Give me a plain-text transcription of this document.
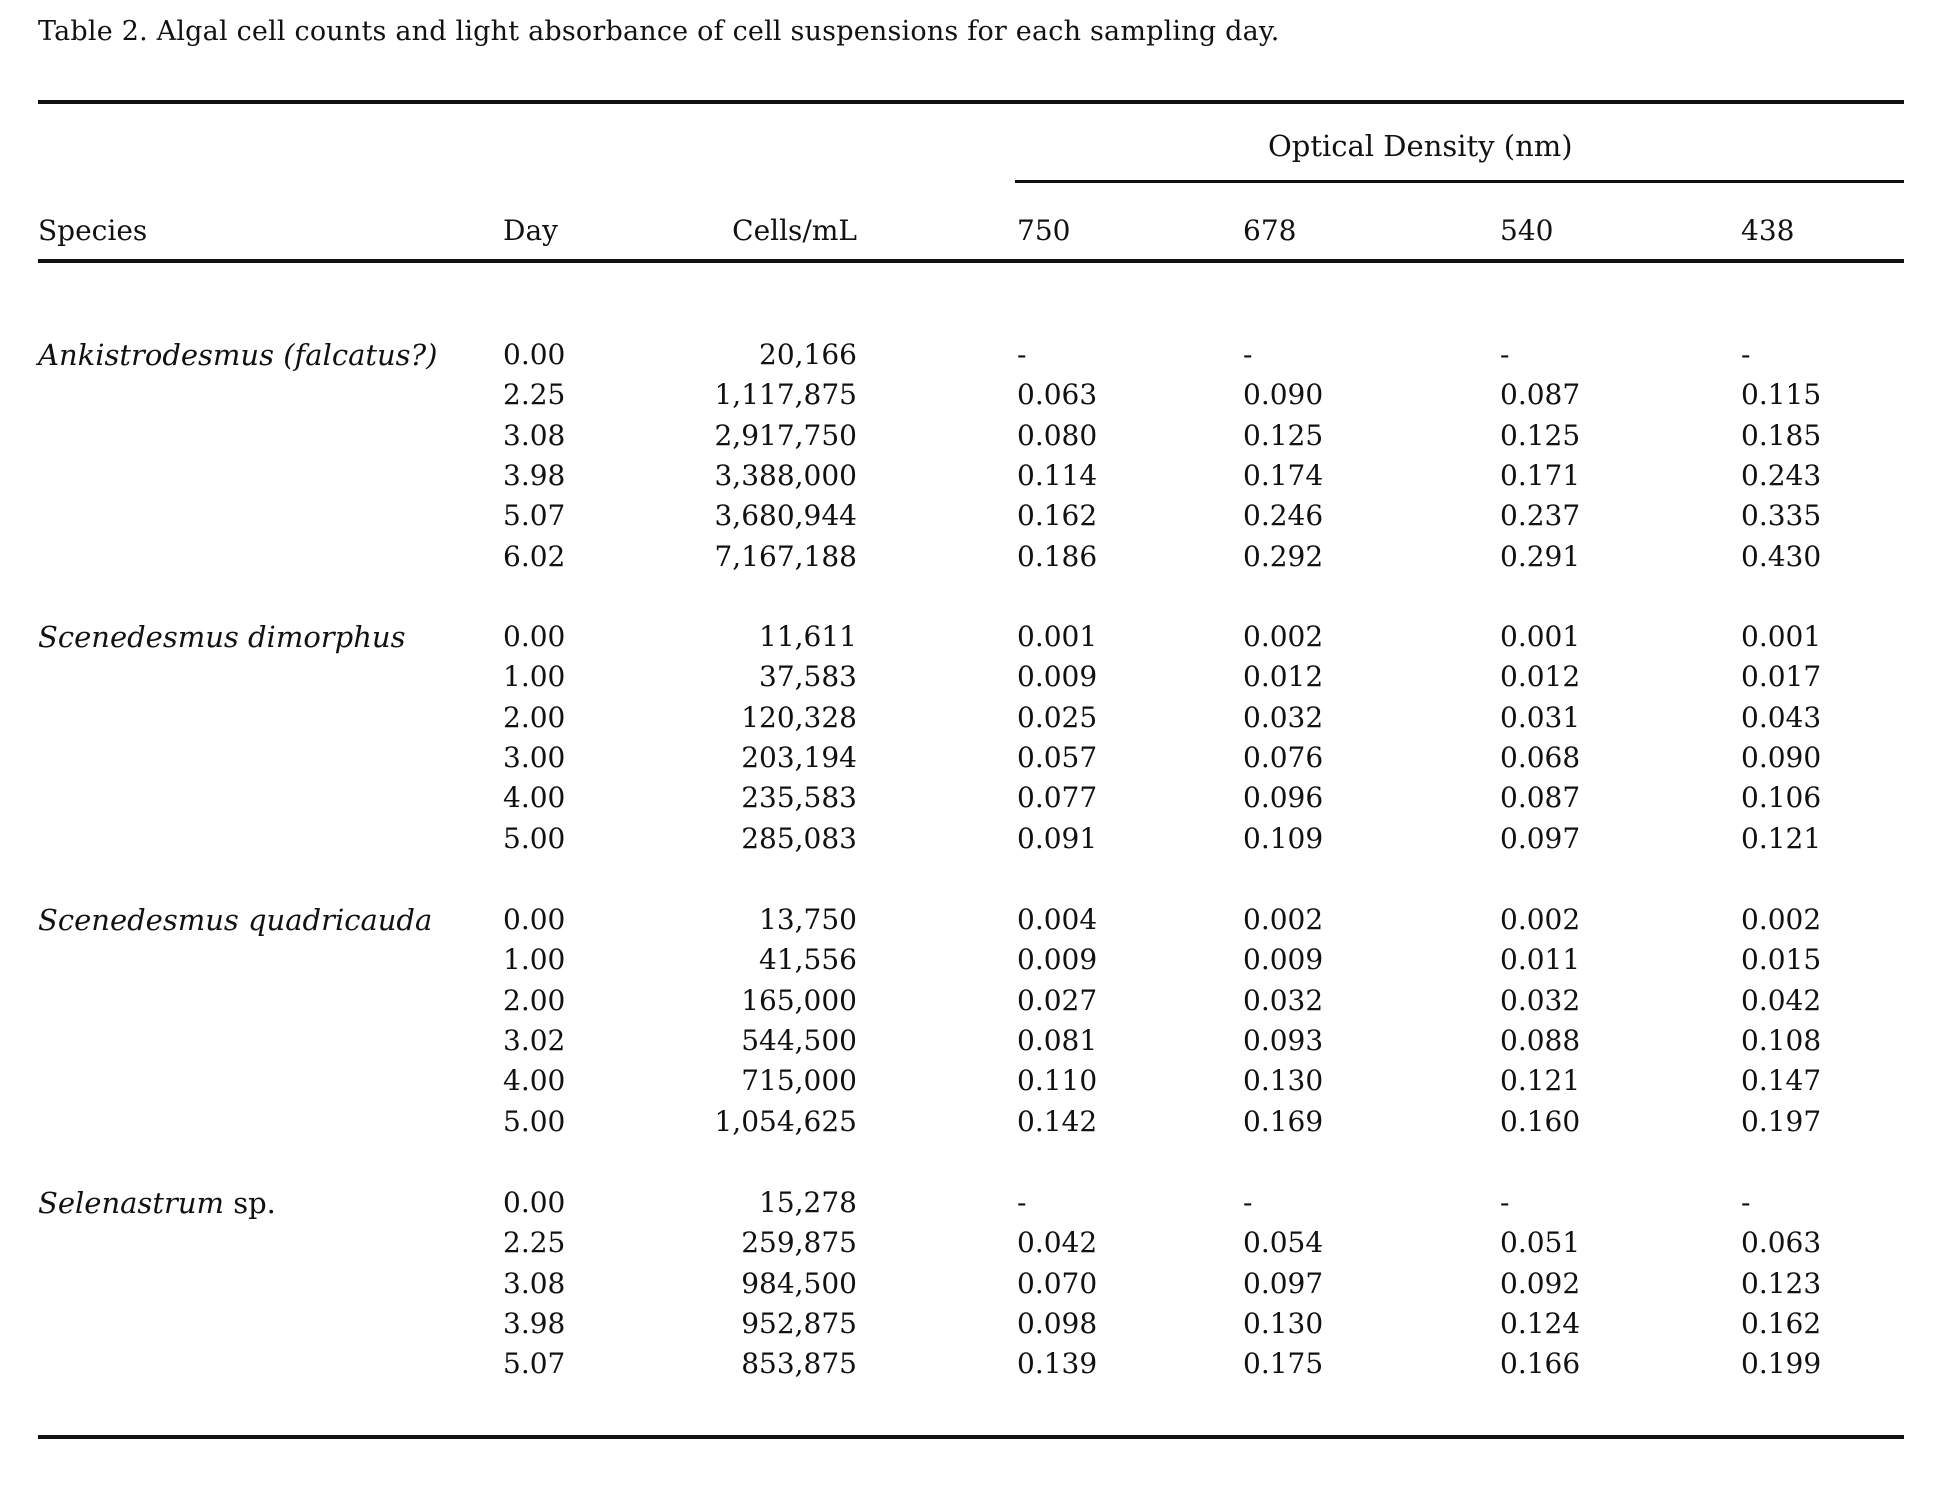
Table 2. Algal cell counts and light absorbance of cell suspensions for each sampling day.
Optical Density (nm)
Species	Day	Cells/mL	750	678	540	438
Ankistrodesmus (falcatus?) 0.00	20,166	-	-	-	-
2.25	1,117,875	0.063	0.090	0.087	0.115
3.08	2,917,750	0.080	0.125	0.125	0.185
3.98	3,388,000	0.114	0.174	0.171	0.243
5.07	3,680,944	0.162	0.246	0.237	0.335
6.02	7,167,188	0.186	0.292	0.291	0.430
Scenedesmus dimorphus	0.00	11,611	0.001	0.002	0.001	0.001
1.00	37,583	0.009	0.012	0.012	0.017
2.00	120,328	0.025	0.032	0.031	0.043
3.00	203,194	0.057	0.076	0.068	0.090
4.00	235,583	0.077	0.096	0.087	0.106
5.00	285,083	0.091	0.109	0.097	0.121
Scenedesmus quadricauda	0.00	13,750	0.004	0.002	0.002	0.002
1.00	41,556	0.009	0.009	0.011	0.015
2.00	165,000	0.027	0.032	0.032	0.042
3.02	544,500	0.081	0.093	0.088	0.108
4.00	715,000	0.110	0.130	0.121	0.147
5.00	1,054,625	0.142	0.169	0.160	0.197
Selenastrum sp.	0.00	15,278	-	-	-	-
2.25	259,875	0.042	0.054	0.051	0.063
3.08	984,500	0.070	0.097	0.092	0.123
3.98	952,875	0.098	0.130	0.124	0.162
5.07	853,875	0.139	0.175	0.166	0.199
